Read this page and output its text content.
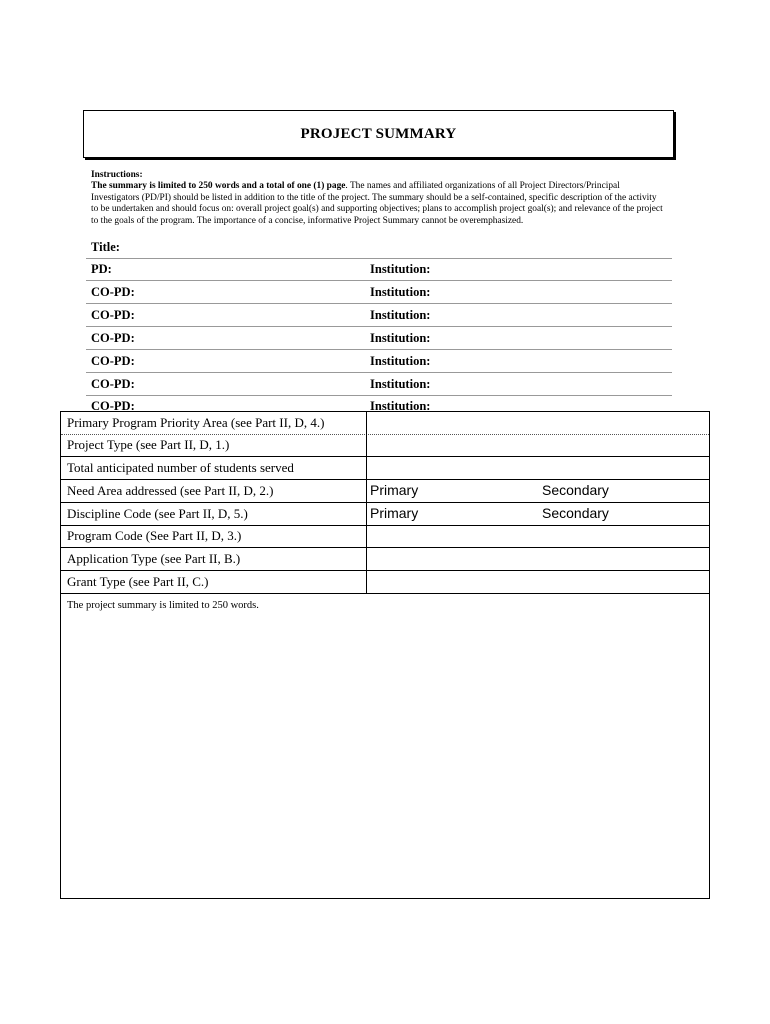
PROJECT SUMMARY
Instructions:
The summary is limited to 250 words and a total of one (1) page. The names and affiliated organizations of all Project Directors/Principal Investigators (PD/PI) should be listed in addition to the title of the project. The summary should be a self-contained, specific description of the activity to be undertaken and should focus on: overall project goal(s) and supporting objectives; plans to accomplish project goal(s); and relevance of the project to the goals of the program. The importance of a concise, informative Project Summary cannot be overemphasized.
Title:
PD:	Institution:
CO-PD:	Institution:
CO-PD:	Institution:
CO-PD:	Institution:
CO-PD:	Institution:
CO-PD:	Institution:
CO-PD:	Institution:
Primary Program Priority Area (see Part II, D, 4.)
Project Type (see Part II, D, 1.)
Total anticipated number of students served
Need Area addressed (see Part II, D, 2.)	Primary	Secondary
Discipline Code (see Part II, D, 5.)	Primary	Secondary
Program Code (See Part II, D, 3.)
Application Type (see Part II, B.)
Grant Type (see Part II, C.)
The project summary is limited to 250 words.
